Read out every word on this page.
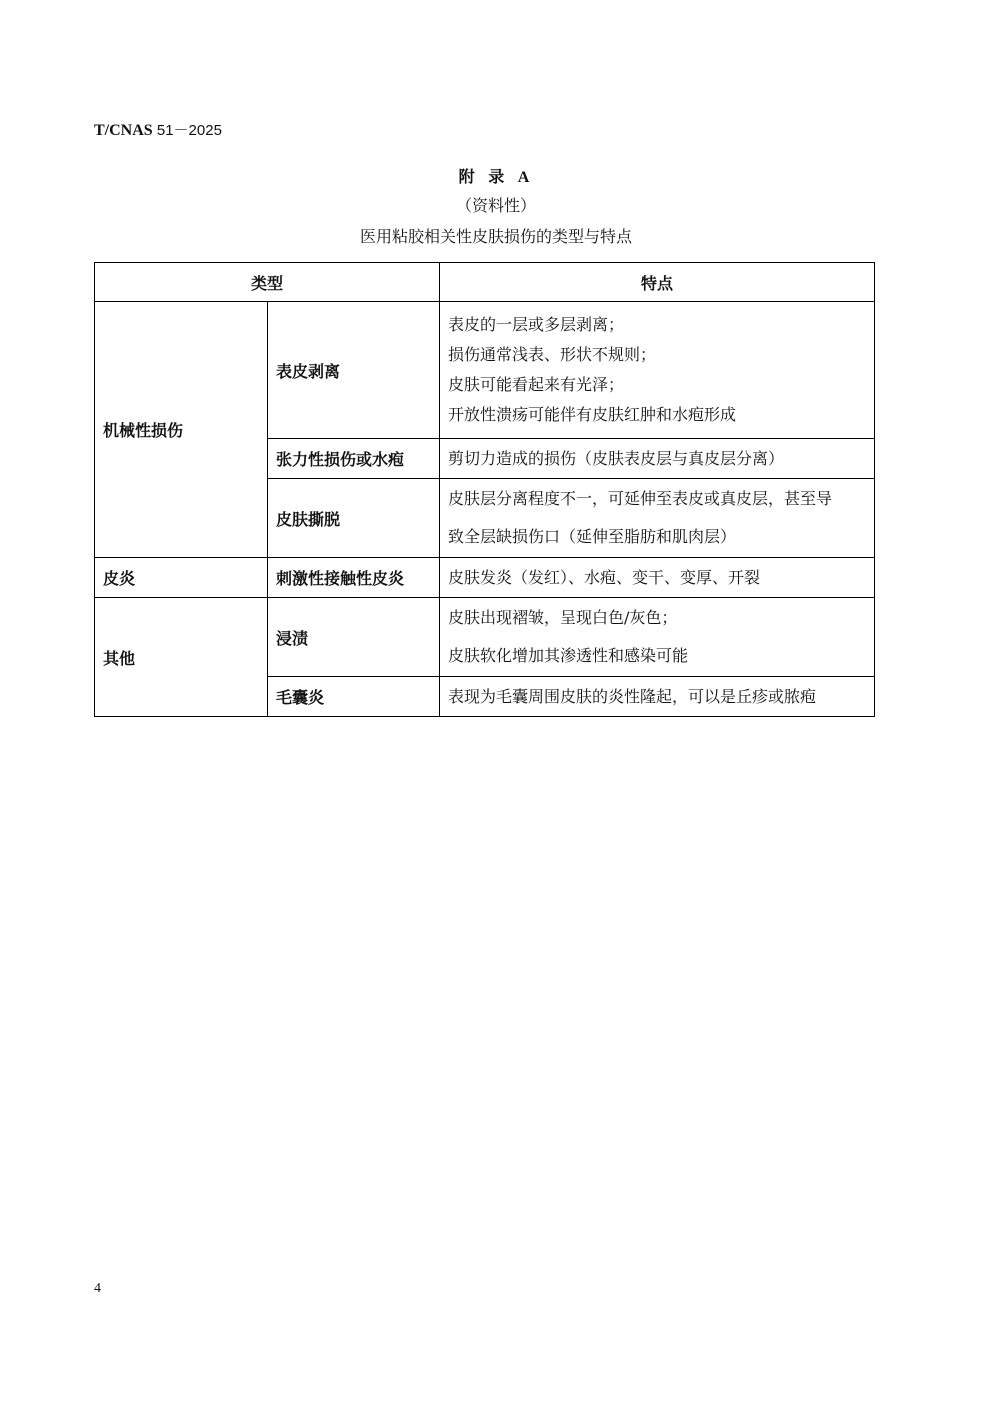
T/CNAS 51－2025
附 录 A
（资料性）
医用粘胶相关性皮肤损伤的类型与特点
类型		特点
机械性损伤	表皮剥离	表皮的一层或多层剥离；
损伤通常浅表、形状不规则；
皮肤可能看起来有光泽；
开放性溃疡可能伴有皮肤红肿和水疱形成

	张力性损伤或水疱	剪切力造成的损伤（皮肤表皮层与真皮层分离）

	皮肤撕脱	皮肤层分离程度不一，可延伸至表皮或真皮层，甚至导
致全层缺损伤口（延伸至脂肪和肌肉层）

皮炎	刺激性接触性皮炎	皮肤发炎（发红）、水疱、变干、变厚、开裂

其他	浸渍	皮肤出现褶皱，呈现白色/灰色；
皮肤软化增加其渗透性和感染可能

	毛囊炎	表现为毛囊周围皮肤的炎性隆起，可以是丘疹或脓疱
4
